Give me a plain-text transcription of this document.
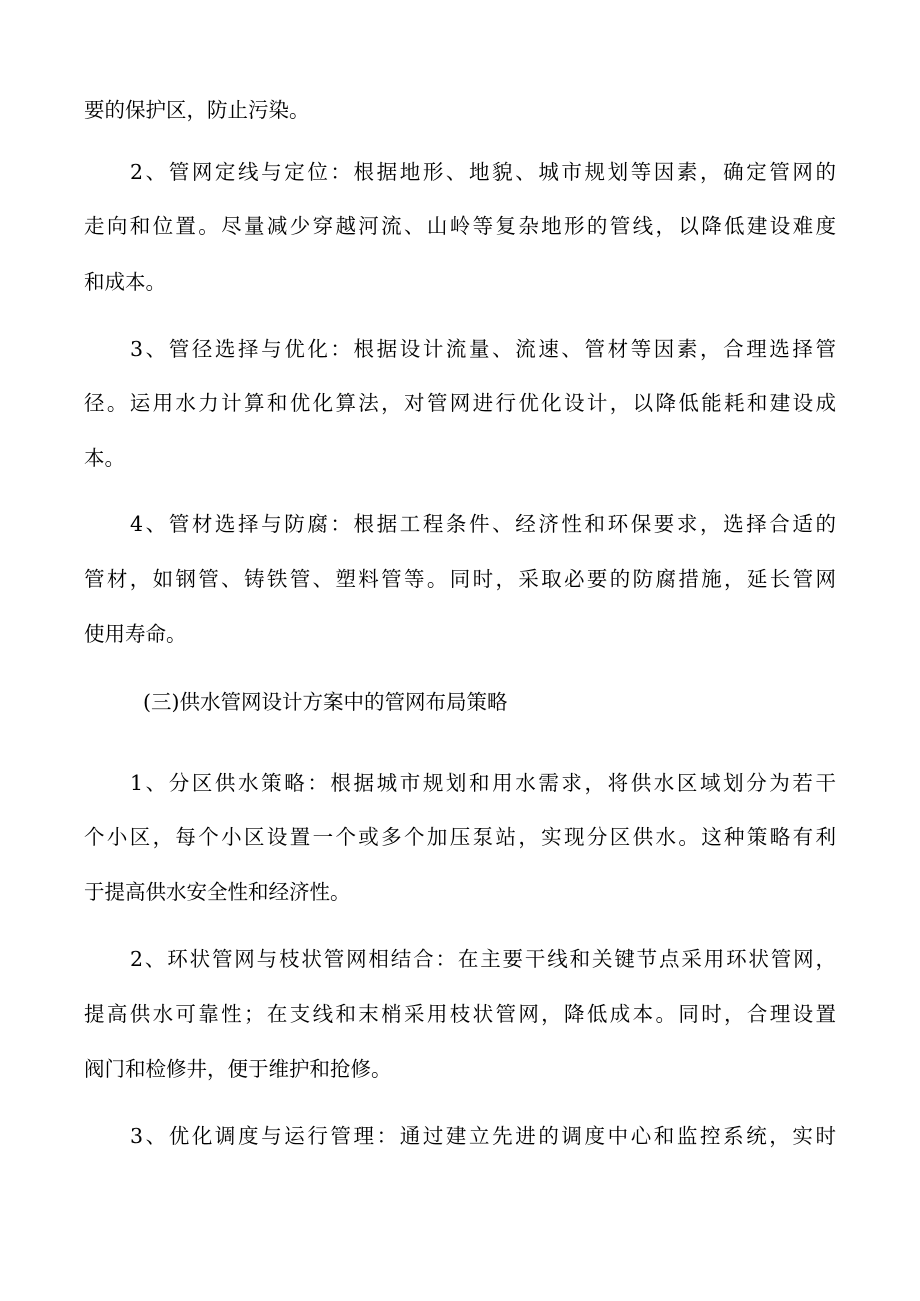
要的保护区，防止污染。
2、管网定线与定位：根据地形、地貌、城市规划等因素，确定管网的
走向和位置。尽量减少穿越河流、山岭等复杂地形的管线，以降低建设难度
和成本。
3、管径选择与优化：根据设计流量、流速、管材等因素，合理选择管
径。运用水力计算和优化算法，对管网进行优化设计，以降低能耗和建设成
本。
4、管材选择与防腐：根据工程条件、经济性和环保要求，选择合适的
管材，如钢管、铸铁管、塑料管等。同时，采取必要的防腐措施，延长管网
使用寿命。
(三)供水管网设计方案中的管网布局策略
1、分区供水策略：根据城市规划和用水需求，将供水区域划分为若干
个小区，每个小区设置一个或多个加压泵站，实现分区供水。这种策略有利
于提高供水安全性和经济性。
2、环状管网与枝状管网相结合：在主要干线和关键节点采用环状管网，
提高供水可靠性；在支线和末梢采用枝状管网，降低成本。同时，合理设置
阀门和检修井，便于维护和抢修。
3、优化调度与运行管理：通过建立先进的调度中心和监控系统，实时
